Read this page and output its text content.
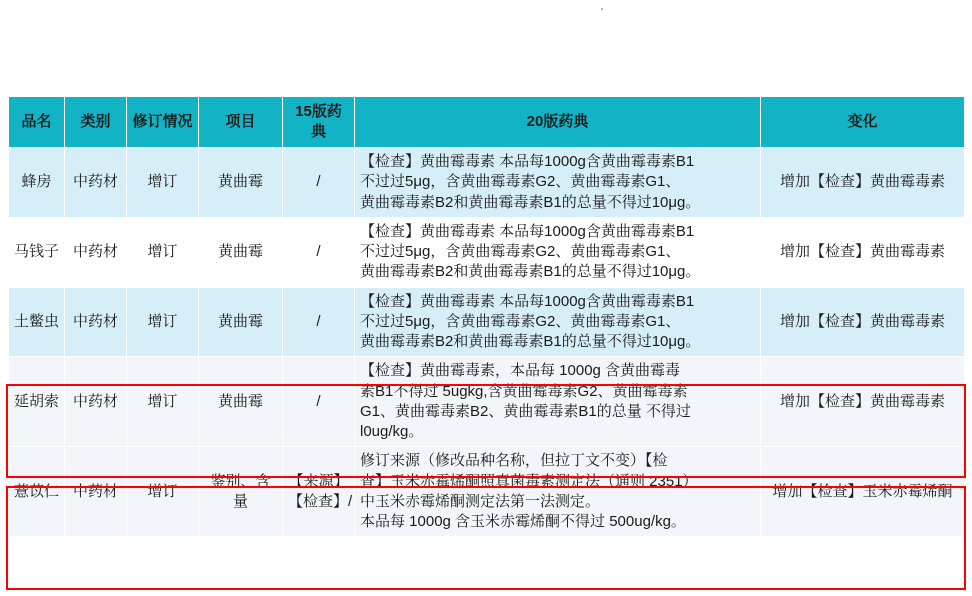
品名	类别	修订情况	项目	15版药典	20版药典	变化
蜂房	中药材	增订	黄曲霉	/	【检查】黄曲霉毒素 本品每1000g含黄曲霉毒素B1
不过过5μg，含黄曲霉毒素G2、黄曲霉毒素G1、
黄曲霉毒素B2和黄曲霉毒素B1的总量不得过10μg。	增加【检查】黄曲霉毒素
马钱子	中药材	增订	黄曲霉	/	【检查】黄曲霉毒素 本品每1000g含黄曲霉毒素B1
不过过5μg，含黄曲霉毒素G2、黄曲霉毒素G1、
黄曲霉毒素B2和黄曲霉毒素B1的总量不得过10μg。	增加【检查】黄曲霉毒素
土鳖虫	中药材	增订	黄曲霉	/	【检查】黄曲霉毒素 本品每1000g含黄曲霉毒素B1
不过过5μg，含黄曲霉毒素G2、黄曲霉毒素G1、
黄曲霉毒素B2和黄曲霉毒素B1的总量不得过10μg。	增加【检查】黄曲霉毒素
延胡索	中药材	增订	黄曲霉	/	【检查】黄曲霉毒素，本品每 1000g 含黄曲霉毒
素B1不得过 5ugkg,含黄曲霉毒素G2、黄曲霉毒素
G1、黄曲霉毒素B2、黄曲霉毒素B1的总量 不得过
l0ug/kg。	增加【检查】黄曲霉毒素
薏苡仁	中药材	增订	鉴别、含量	【来源】
【检查】/	修订来源（修改品种名称，但拉丁文不变）【检
查】玉米赤霉烯酮照真菌毒素测定法（通则 2351）
中玉米赤霉烯酮测定法第一法测定。
本品每 1000g 含玉米赤霉烯酮不得过 500ug/kg。	增加【检查】玉米赤霉烯酮
